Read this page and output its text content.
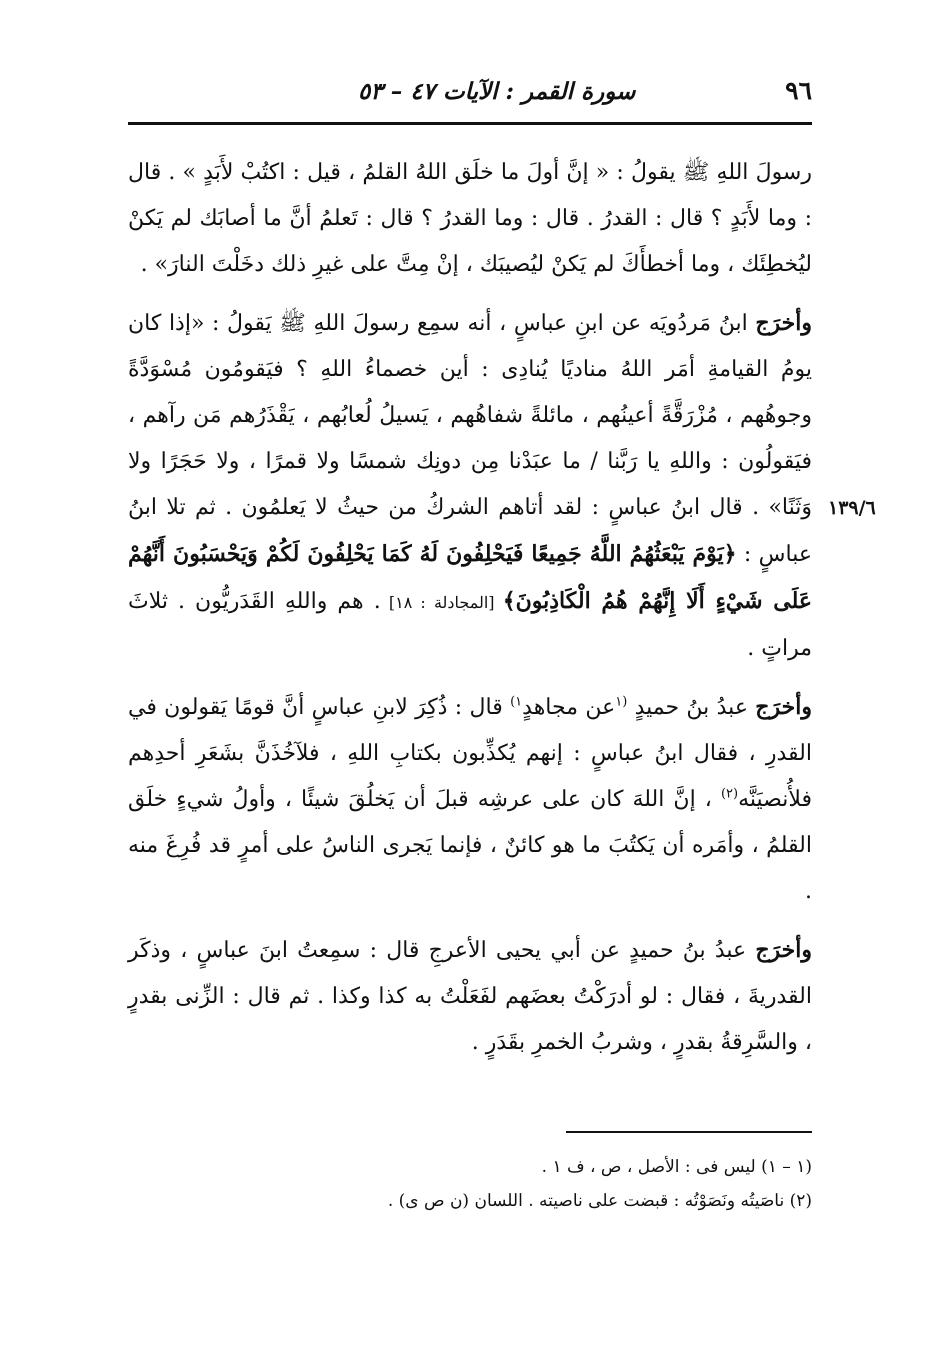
٩٦
سورة القمر : الآيات ٤٧ – ٥٣
١٣٩/٦

رسولَ اللهِ ﷺ يقولُ : « إنَّ أولَ ما خلَق اللهُ القلمُ ، قيل : اكتُبْ لأَبَدٍ » . قال : وما لأَبَدٍ ؟ قال : القدرُ . قال : وما القدرُ ؟ قال : تَعلمُ أنَّ ما أصابَك لم يَكنْ ليُخطِئَك ، وما أخطأَكَ لم يَكنْ ليُصيبَك ، إنْ مِتَّ على غيرِ ذلك دخَلْتَ النارَ» .

وأخرَج ابنُ مَردُويَه عن ابنِ عباسٍ ، أنه سمِع رسولَ اللهِ ﷺ يَقولُ : «إذا كان يومُ القيامةِ أمَر اللهُ مناديًا يُنادِى : أين خصماءُ اللهِ ؟ فيَقومُون مُسْوَدَّةً وجوهُهم ، مُزْرَقَّةً أعينُهم ، مائلةً شفاهُهم ، يَسيلُ لُعابُهم ، يَقْذَرُهم مَن رآهم ، فيَقولُون : واللهِ يا رَبَّنا / ما عبَدْنا مِن دونِك شمسًا ولا قمرًا ، ولا حَجَرًا ولا وَثَنًا» . قال ابنُ عباسٍ : لقد أتاهم الشركُ من حيثُ لا يَعلمُون . ثم تلا ابنُ عباسٍ : ﴿يَوْمَ يَبْعَثُهُمُ اللَّهُ جَمِيعًا فَيَحْلِفُونَ لَهُ كَمَا يَحْلِفُونَ لَكُمْ وَيَحْسَبُونَ أَنَّهُمْ عَلَى شَيْءٍ أَلَا إِنَّهُمْ هُمُ الْكَاذِبُونَ﴾ [المجادلة : ١٨] . هم واللهِ القَدَريُّون . ثلاثَ مراتٍ .

وأخرَج عبدُ بنُ حميدٍ $^{(١}$عن مجاهدٍ$^{١)}$ قال : ذُكِرَ لابنِ عباسٍ أنَّ قومًا يَقولون في القدرِ ، فقال ابنُ عباسٍ : إنهم يُكذِّبون بكتابِ اللهِ ، فلآخُذَنَّ بشَعَرِ أحدِهم فلأُنصيَنَّه$^{(٢)}$ ، إنَّ اللهَ كان على عرشِه قبلَ أن يَخلُقَ شيئًا ، وأولُ شيءٍ خلَق القلمُ ، وأمَره أن يَكتُبَ ما هو كائنٌ ، فإنما يَجرى الناسُ على أمرٍ قد فُرِغَ منه .

وأخرَج عبدُ بنُ حميدٍ عن أبي يحيى الأعرجِ قال : سمِعتُ ابنَ عباسٍ ، وذكَر القدريةَ ، فقال : لو أدرَكْتُ بعضَهم لفَعَلْتُ به كذا وكذا . ثم قال : الزِّنى بقدرٍ ، والسَّرِقةُ بقدرٍ ، وشربُ الخمرِ بقَدَرٍ .

(١ – ١) ليس فى : الأصل ، ص ، ف ١ .

(٢) ناصَيتُه ونَصَوْتُه : قبضت على ناصيته . اللسان (ن ص ى) .
